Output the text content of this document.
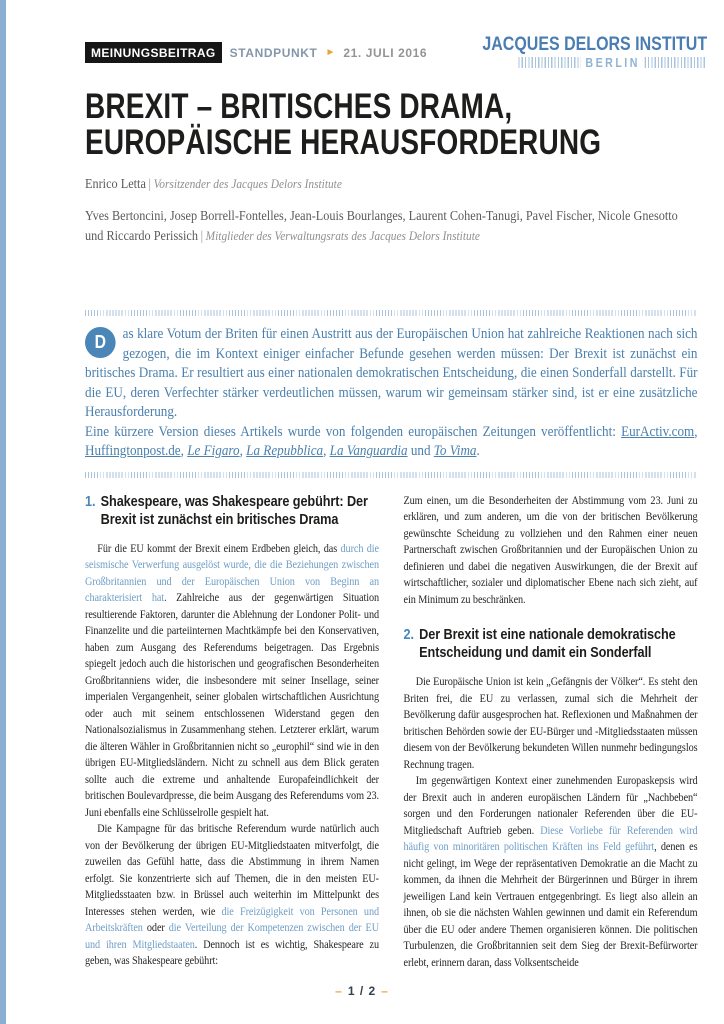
MEINUNGSBEITRAG	STANDPUNKT ► 21. JULI 2016	JACQUES DELORS INSTITUT
BERLIN
BREXIT – BRITISCHES DRAMA,
EUROPÄISCHE HERAUSFORDERUNG
Enrico Letta | Vorsitzender des Jacques Delors Institute
Yves Bertoncini, Josep Borrell-Fontelles, Jean-Louis Bourlanges, Laurent Cohen-Tanugi, Pavel Fischer, Nicole Gnesotto und Riccardo Perissich | Mitglieder des Verwaltungsrats des Jacques Delors Institute

D	as klare Votum der Briten für einen Austritt aus der Europäischen Union hat zahlreiche Reaktionen nach sich gezogen, die im Kontext einiger einfacher Befunde gesehen werden müssen: Der Brexit ist zunächst ein britisches Drama. Er resultiert aus einer nationalen demokratischen Entscheidung, die einen Sonderfall darstellt. Für die EU, deren Verfechter stärker verdeutlichen müssen, warum wir gemeinsam stärker sind, ist er eine zusätzliche Herausforderung.

Eine kürzere Version dieses Artikels wurde von folgenden europäischen Zeitungen veröffentlicht: EurActiv.com, Huffingtonpost.de, Le Figaro, La Repubblica, La Vanguardia und To Vima.

1. Shakespeare, was Shakespeare gebührt: Der Brexit ist zunächst ein britisches Drama

Für die EU kommt der Brexit einem Erdbeben gleich, das durch die seismische Verwerfung ausgelöst wurde, die die Beziehungen zwischen Großbritannien und der Europäischen Union von Beginn an charakterisiert hat. Zahlreiche aus der gegenwärtigen Situation resultierende Faktoren, darunter die Ablehnung der Londoner Polit- und Finanzelite und die parteiinternen Machtkämpfe bei den Konservativen, haben zum Ausgang des Referendums beigetragen. Das Ergebnis spiegelt jedoch auch die historischen und geografischen Besonderheiten Großbritanniens wider, die insbesondere mit seiner Insellage, seiner imperialen Vergangenheit, seiner globalen wirtschaftlichen Ausrichtung oder auch mit seinem entschlossenen Widerstand gegen den Nationalsozialismus in Zusammenhang stehen. Letzterer erklärt, warum die älteren Wähler in Großbritannien nicht so „europhil“ sind wie in den übrigen EU-Mitgliedsländern. Nicht zu schnell aus dem Blick geraten sollte auch die extreme und anhaltende Europafeindlichkeit der britischen Boulevardpresse, die beim Ausgang des Referendums vom 23. Juni ebenfalls eine Schlüsselrolle gespielt hat.

Die Kampagne für das britische Referendum wurde natürlich auch von der Bevölkerung der übrigen EU-Mitgliedstaaten mitverfolgt, die zuweilen das Gefühl hatte, dass die Abstimmung in ihrem Namen erfolgt. Sie konzentrierte sich auf Themen, die in den meisten EU-Mitgliedsstaaten bzw. in Brüssel auch weiterhin im Mittelpunkt des Interesses stehen werden, wie die Freizügigkeit von Personen und Arbeitskräften oder die Verteilung der Kompetenzen zwischen der EU und ihren Mitgliedstaaten. Dennoch ist es wichtig, Shakespeare zu geben, was Shakespeare gebührt:

Zum einen, um die Besonderheiten der Abstimmung vom 23. Juni zu erklären, und zum anderen, um die von der britischen Bevölkerung gewünschte Scheidung zu vollziehen und den Rahmen einer neuen Partnerschaft zwischen Großbritannien und der Europäischen Union zu definieren und dabei die negativen Auswirkungen, die der Brexit auf wirtschaftlicher, sozialer und diplomatischer Ebene nach sich zieht, auf ein Minimum zu beschränken.

2. Der Brexit ist eine nationale demokratische Entscheidung und damit ein Sonderfall

Die Europäische Union ist kein „Gefängnis der Völker“. Es steht den Briten frei, die EU zu verlassen, zumal sich die Mehrheit der Bevölkerung dafür ausgesprochen hat. Reflexionen und Maßnahmen der britischen Behörden sowie der EU-Bürger und -Mitgliedsstaaten müssen diesem von der Bevölkerung bekundeten Willen nunmehr bedingungslos Rechnung tragen.

Im gegenwärtigen Kontext einer zunehmenden Europaskepsis wird der Brexit auch in anderen europäischen Ländern für „Nachbeben“ sorgen und den Forderungen nationaler Referenden über die EU-Mitgliedschaft Auftrieb geben. Diese Vorliebe für Referenden wird häufig von minoritären politischen Kräften ins Feld geführt, denen es nicht gelingt, im Wege der repräsentativen Demokratie an die Macht zu kommen, da ihnen die Mehrheit der Bürgerinnen und Bürger in ihrem jeweiligen Land kein Vertrauen entgegenbringt. Es liegt also allein an ihnen, ob sie die nächsten Wahlen gewinnen und damit ein Referendum über die EU oder andere Themen organisieren können. Die politischen Turbulenzen, die Großbritannien seit dem Sieg der Brexit-Befürworter erlebt, erinnern daran, dass Volksentscheide

– 1 / 2 –
